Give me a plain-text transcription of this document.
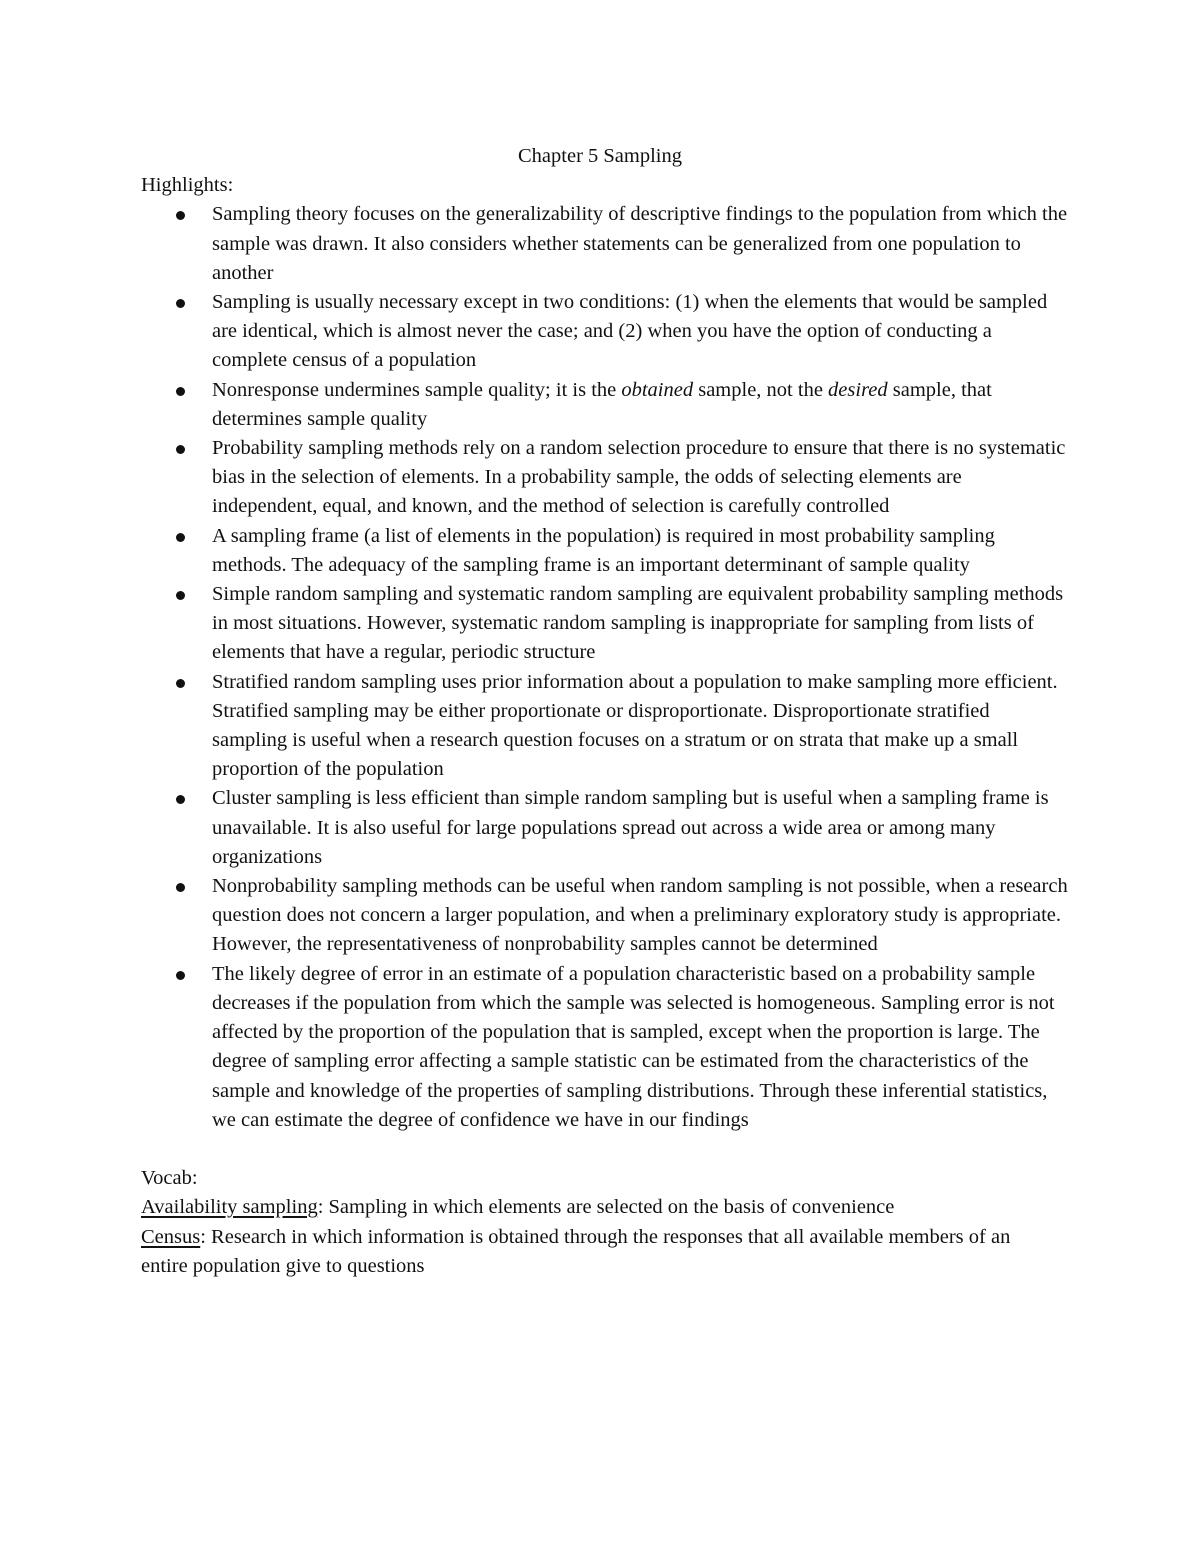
Chapter 5 Sampling

Highlights:

Sampling theory focuses on the generalizability of descriptive findings to the population from which the sample was drawn. It also considers whether statements can be generalized from one population to another
Sampling is usually necessary except in two conditions: (1) when the elements that would be sampled are identical, which is almost never the case; and (2) when you have the option of conducting a complete census of a population
Nonresponse undermines sample quality; it is the obtained sample, not the desired sample, that determines sample quality
Probability sampling methods rely on a random selection procedure to ensure that there is no systematic bias in the selection of elements. In a probability sample, the odds of selecting elements are independent, equal, and known, and the method of selection is carefully controlled
A sampling frame (a list of elements in the population) is required in most probability sampling methods. The adequacy of the sampling frame is an important determinant of sample quality
Simple random sampling and systematic random sampling are equivalent probability sampling methods in most situations. However, systematic random sampling is inappropriate for sampling from lists of elements that have a regular, periodic structure
Stratified random sampling uses prior information about a population to make sampling more efficient. Stratified sampling may be either proportionate or disproportionate. Disproportionate stratified sampling is useful when a research question focuses on a stratum or on strata that make up a small proportion of the population
Cluster sampling is less efficient than simple random sampling but is useful when a sampling frame is unavailable. It is also useful for large populations spread out across a wide area or among many organizations
Nonprobability sampling methods can be useful when random sampling is not possible, when a research question does not concern a larger population, and when a preliminary exploratory study is appropriate. However, the representativeness of nonprobability samples cannot be determined
The likely degree of error in an estimate of a population characteristic based on a probability sample decreases if the population from which the sample was selected is homogeneous. Sampling error is not affected by the proportion of the population that is sampled, except when the proportion is large. The degree of sampling error affecting a sample statistic can be estimated from the characteristics of the sample and knowledge of the properties of sampling distributions. Through these inferential statistics, we can estimate the degree of confidence we have in our findings

Vocab:

Availability sampling: Sampling in which elements are selected on the basis of convenience

Census: Research in which information is obtained through the responses that all available members of an entire population give to questions
